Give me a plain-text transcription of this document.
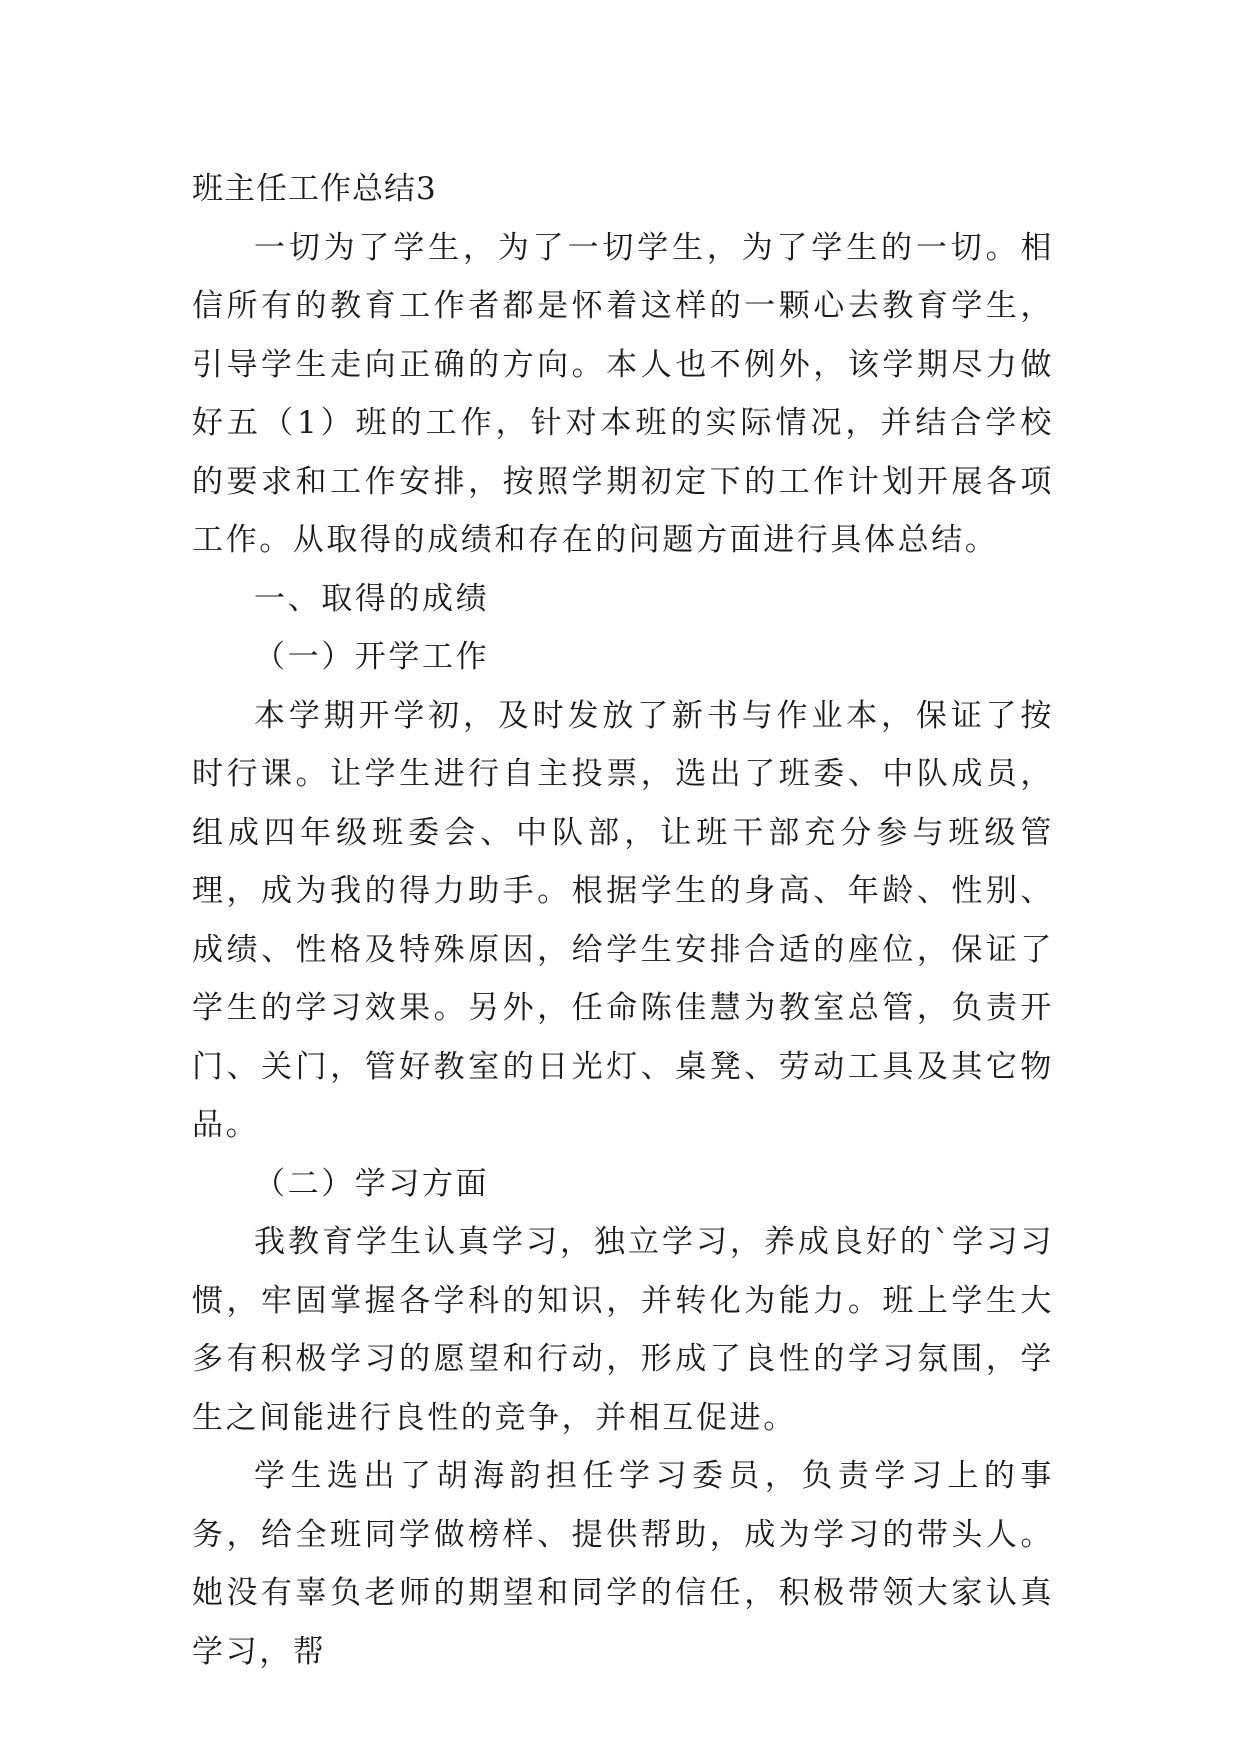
班主任工作总结3

一切为了学生，为了一切学生，为了学生的一切。相信所有的教育工作者都是怀着这样的一颗心去教育学生，引导学生走向正确的方向。本人也不例外，该学期尽力做好五（1）班的工作，针对本班的实际情况，并结合学校的要求和工作安排，按照学期初定下的工作计划开展各项工作。从取得的成绩和存在的问题方面进行具体总结。

一、取得的成绩

（一）开学工作

本学期开学初，及时发放了新书与作业本，保证了按时行课。让学生进行自主投票，选出了班委、中队成员，组成四年级班委会、中队部，让班干部充分参与班级管理，成为我的得力助手。根据学生的身高、年龄、性别、成绩、性格及特殊原因，给学生安排合适的座位，保证了学生的学习效果。另外，任命陈佳慧为教室总管，负责开门、关门，管好教室的日光灯、桌凳、劳动工具及其它物品。

（二）学习方面

我教育学生认真学习，独立学习，养成良好的`学习习惯，牢固掌握各学科的知识，并转化为能力。班上学生大多有积极学习的愿望和行动，形成了良性的学习氛围，学生之间能进行良性的竞争，并相互促进。

学生选出了胡海韵担任学习委员，负责学习上的事务，给全班同学做榜样、提供帮助，成为学习的带头人。她没有辜负老师的期望和同学的信任，积极带领大家认真学习，帮
